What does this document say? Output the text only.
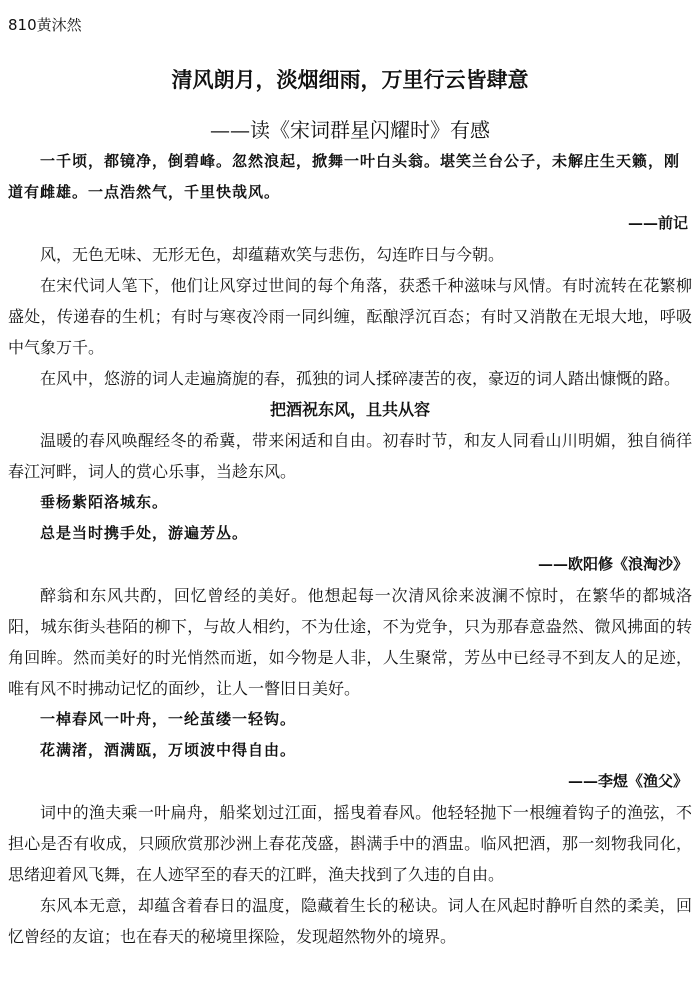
810黄沐然
清风朗月，淡烟细雨，万里行云皆肆意
——读《宋词群星闪耀时》有感

一千顷，都镜净，倒碧峰。忽然浪起，掀舞一叶白头翁。堪笑兰台公子，未解庄生天籁，刚道有雌雄。一点浩然气，千里快哉风。

——前记

风，无色无味、无形无色，却蕴藉欢笑与悲伤，勾连昨日与今朝。

在宋代词人笔下，他们让风穿过世间的每个角落，获悉千种滋味与风情。有时流转在花繁柳盛处，传递春的生机；有时与寒夜冷雨一同纠缠，酝酿浮沉百态；有时又消散在无垠大地，呼吸中气象万千。

在风中，悠游的词人走遍旖旎的春，孤独的词人揉碎凄苦的夜，豪迈的词人踏出慷慨的路。

把酒祝东风，且共从容

温暖的春风唤醒经冬的希冀，带来闲适和自由。初春时节，和友人同看山川明媚，独自徜徉春江河畔，词人的赏心乐事，当趁东风。

垂杨紫陌洛城东。

总是当时携手处，游遍芳丛。

——欧阳修《浪淘沙》

醉翁和东风共酌，回忆曾经的美好。他想起每一次清风徐来波澜不惊时，在繁华的都城洛阳，城东街头巷陌的柳下，与故人相约，不为仕途，不为党争，只为那春意盎然、微风拂面的转角回眸。然而美好的时光悄然而逝，如今物是人非，人生聚常，芳丛中已经寻不到友人的足迹，唯有风不时拂动记忆的面纱，让人一瞥旧日美好。

一棹春风一叶舟，一纶茧缕一轻钩。

花满渚，酒满瓯，万顷波中得自由。

——李煜《渔父》

词中的渔夫乘一叶扁舟，船桨划过江面，摇曳着春风。他轻轻抛下一根缠着钩子的渔弦，不担心是否有收成，只顾欣赏那沙洲上春花茂盛，斟满手中的酒盅。临风把酒，那一刻物我同化，思绪迎着风飞舞，在人迹罕至的春天的江畔，渔夫找到了久违的自由。

东风本无意，却蕴含着春日的温度，隐藏着生长的秘诀。词人在风起时静听自然的柔美，回忆曾经的友谊；也在春天的秘境里探险，发现超然物外的境界。
